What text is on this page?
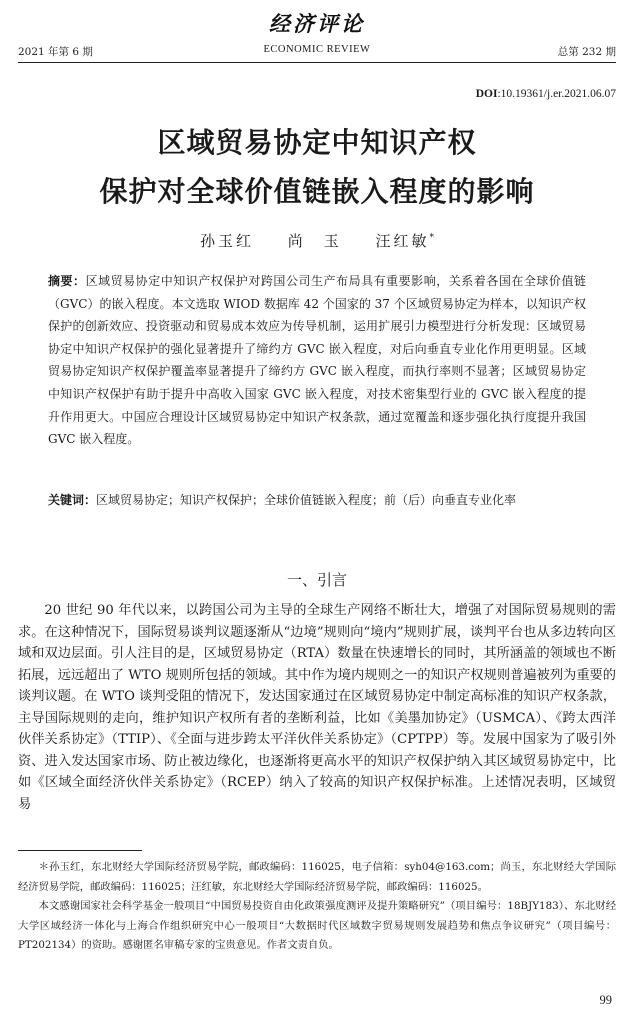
经济评论
2021 年第 6 期	ECONOMIC REVIEW	总第 232 期
DOI:10.19361/j.er.2021.06.07
区域贸易协定中知识产权
保护对全球价值链嵌入程度的影响
孙玉红 尚　玉 汪红敏*

摘要：区域贸易协定中知识产权保护对跨国公司生产布局具有重要影响，关系着各国在全球价值链（GVC）的嵌入程度。本文选取 WIOD 数据库 42 个国家的 37 个区域贸易协定为样本，以知识产权保护的创新效应、投资驱动和贸易成本效应为传导机制，运用扩展引力模型进行分析发现：区域贸易协定中知识产权保护的强化显著提升了缔约方 GVC 嵌入程度，对后向垂直专业化作用更明显。区域贸易协定知识产权保护覆盖率显著提升了缔约方 GVC 嵌入程度，而执行率则不显著；区域贸易协定中知识产权保护有助于提升中高收入国家 GVC 嵌入程度，对技术密集型行业的 GVC 嵌入程度的提升作用更大。中国应合理设计区域贸易协定中知识产权条款，通过宽覆盖和逐步强化执行度提升我国 GVC 嵌入程度。

关键词：区域贸易协定；知识产权保护；全球价值链嵌入程度；前（后）向垂直专业化率

一、引言

20 世纪 90 年代以来，以跨国公司为主导的全球生产网络不断壮大，增强了对国际贸易规则的需求。在这种情况下，国际贸易谈判议题逐渐从“边境”规则向“境内”规则扩展，谈判平台也从多边转向区域和双边层面。引人注目的是，区域贸易协定（RTA）数量在快速增长的同时，其所涵盖的领域也不断拓展，远远超出了 WTO 规则所包括的领域。其中作为境内规则之一的知识产权规则普遍被列为重要的谈判议题。在 WTO 谈判受阻的情况下，发达国家通过在区域贸易协定中制定高标准的知识产权条款，主导国际规则的走向，维护知识产权所有者的垄断利益，比如《美墨加协定》（USMCA）、《跨太西洋伙伴关系协定》（TTIP）、《全面与进步跨太平洋伙伴关系协定》（CPTPP）等。发展中国家为了吸引外资、进入发达国家市场、防止被边缘化，也逐渐将更高水平的知识产权保护纳入其区域贸易协定中，比如《区域全面经济伙伴关系协定》（RCEP）纳入了较高的知识产权保护标准。上述情况表明，区域贸易

＊孙玉红，东北财经大学国际经济贸易学院，邮政编码：116025，电子信箱：syh04@163.com；尚玉，东北财经大学国际经济贸易学院，邮政编码：116025；汪红敏，东北财经大学国际经济贸易学院，邮政编码：116025。

本文感谢国家社会科学基金一般项目“中国贸易投资自由化政策强度测评及提升策略研究”（项目编号：18BJY183）、东北财经大学区域经济一体化与上海合作组织研究中心一般项目“大数据时代区域数字贸易规则发展趋势和焦点争议研究”（项目编号：PT202134）的资助。感谢匿名审稿专家的宝贵意见。作者文责自负。

99
